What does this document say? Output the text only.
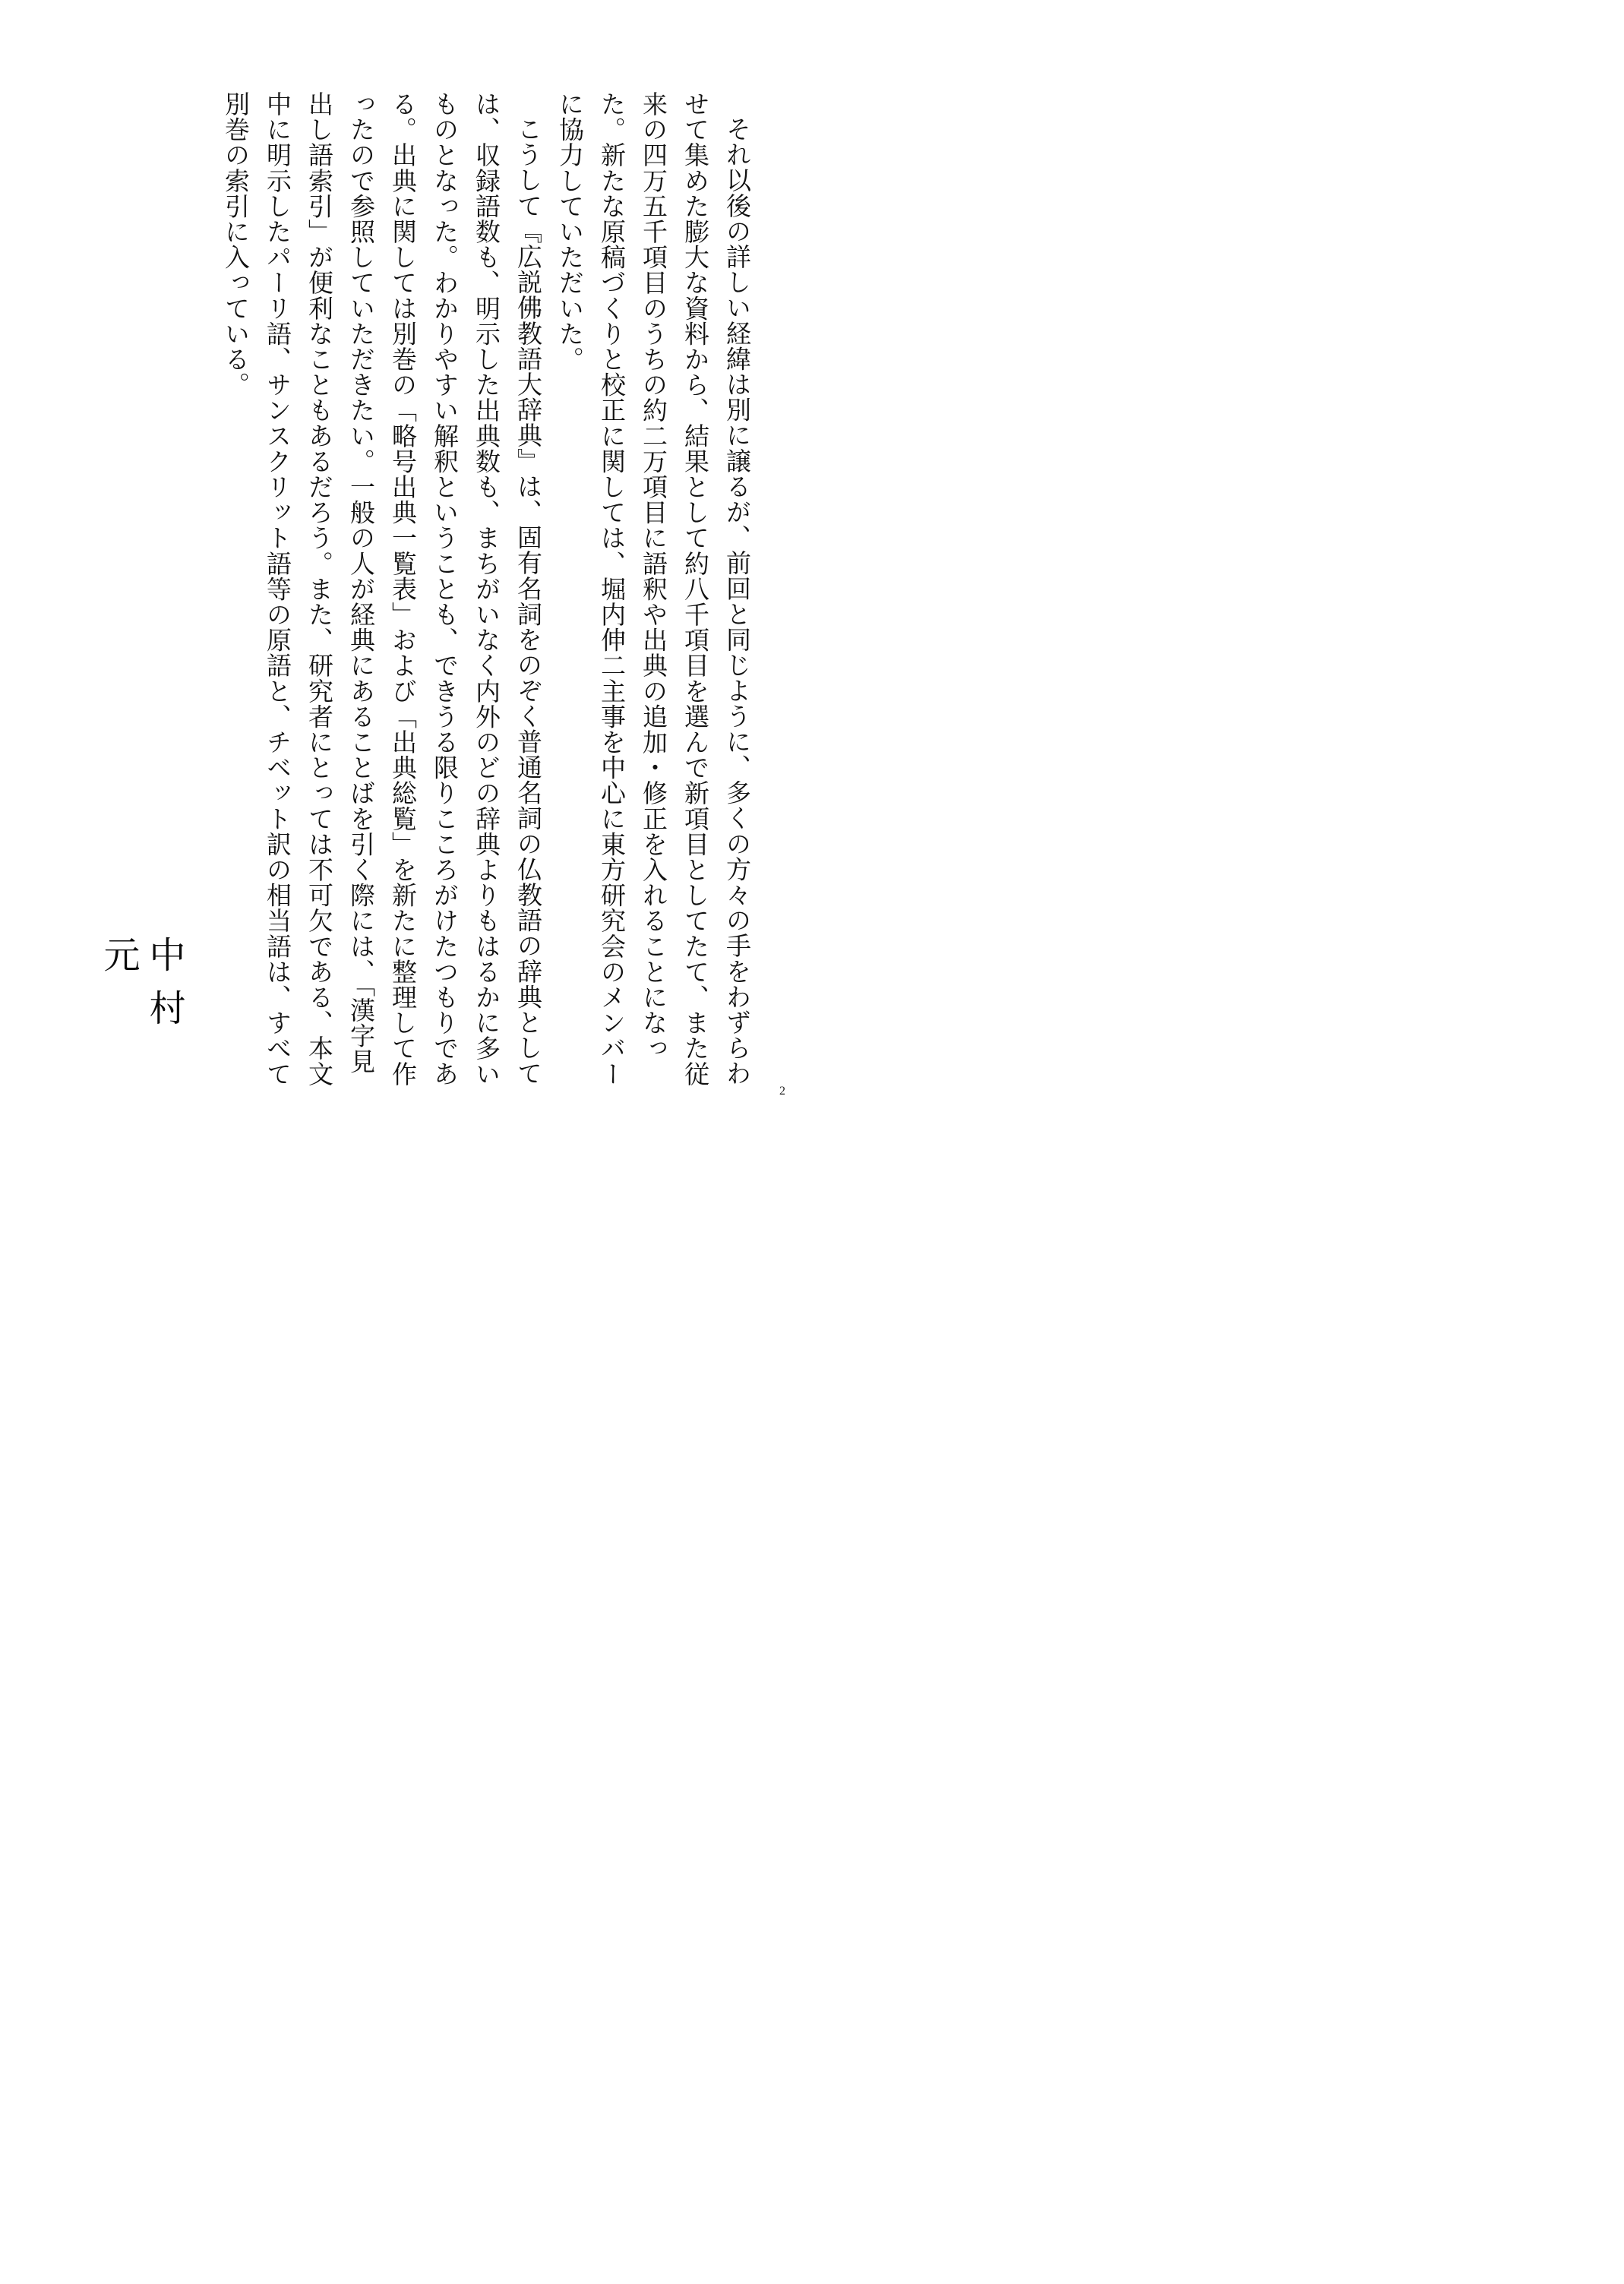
それ以後の詳しい経緯は別に譲るが、前回と同じように、多くの方々の手をわずらわせて集めた膨大な資料から、結果として約八千項目を選んで新項目としてたて、また従来の四万五千項目のうちの約二万項目に語釈や出典の追加・修正を入れることになった。新たな原稿づくりと校正に関しては、堀内伸二主事を中心に東方研究会のメンバーに協力していただいた。

こうして『広説佛教語大辞典』は、固有名詞をのぞく普通名詞の仏教語の辞典としては、収録語数も、明示した出典数も、まちがいなく内外のどの辞典よりもはるかに多いものとなった。わかりやすい解釈ということも、できうる限りこころがけたつもりである。出典に関しては別巻の「略号出典一覧表」および「出典総覧」を新たに整理して作ったので参照していただきたい。一般の人が経典にあることばを引く際には、「漢字見出し語索引」が便利なこともあるだろう。また、研究者にとっては不可欠である、本文中に明示したパーリ語、サンスクリット語等の原語と、チベット訳の相当語は、すべて別巻の索引に入っている。

中村　元
2
